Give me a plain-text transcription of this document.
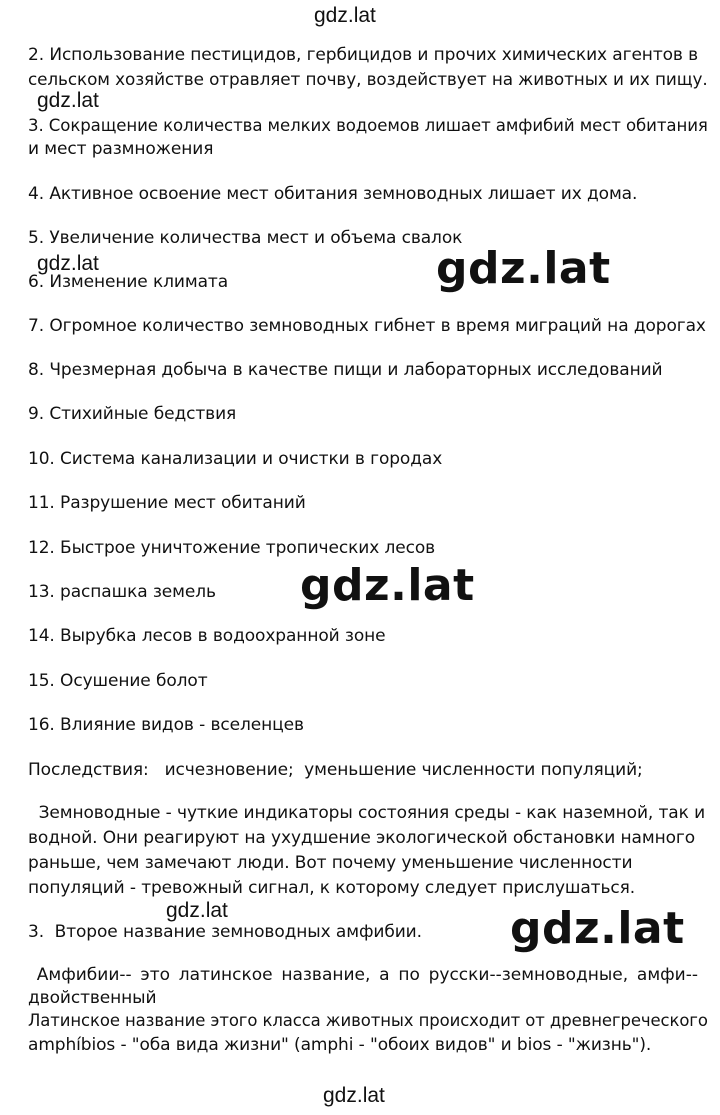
gdz.lat
2. Использование пестицидов, гербицидов и прочих химических агентов в
сельском хозяйстве отравляет почву, воздействует на животных и их пищу.
gdz.lat
3. Сокращение количества мелких водоемов лишает амфибий мест обитания
и мест размножения
4. Активное освоение мест обитания земноводных лишает их дома.
5. Увеличение количества мест и объема свалок
gdz.lat	gdz.lat
6. Изменение климата
7. Огромное количество земноводных гибнет в время миграций на дорогах
8. Чрезмерная добыча в качестве пищи и лабораторных исследований
9. Стихийные бедствия
10. Система канализации и очистки в городах
11. Разрушение мест обитаний
12. Быстрое уничтожение тропических лесов
gdz.lat
13. распашка земель
14. Вырубка лесов в водоохранной зоне
15. Осушение болот
16. Влияние видов - вселенцев
Последствия:   исчезновение;  уменьшение численности популяций;
Земноводные - чуткие индикаторы состояния среды - как наземной, так и
водной. Они реагируют на ухудшение экологической обстановки намного
раньше, чем замечают люди. Вот почему уменьшение численности
популяций - тревожный сигнал, к которому следует прислушаться.
gdz.lat
3.  Второе название земноводных амфибии. gdz.lat
Амфибии-- это латинское название, а по русски--земноводные, амфи--
двойственный
Латинское название этого класса животных происходит от древнегреческого
amphíbios - "оба вида жизни" (amphi - "обоих видов" и bios - "жизнь").
gdz.lat
